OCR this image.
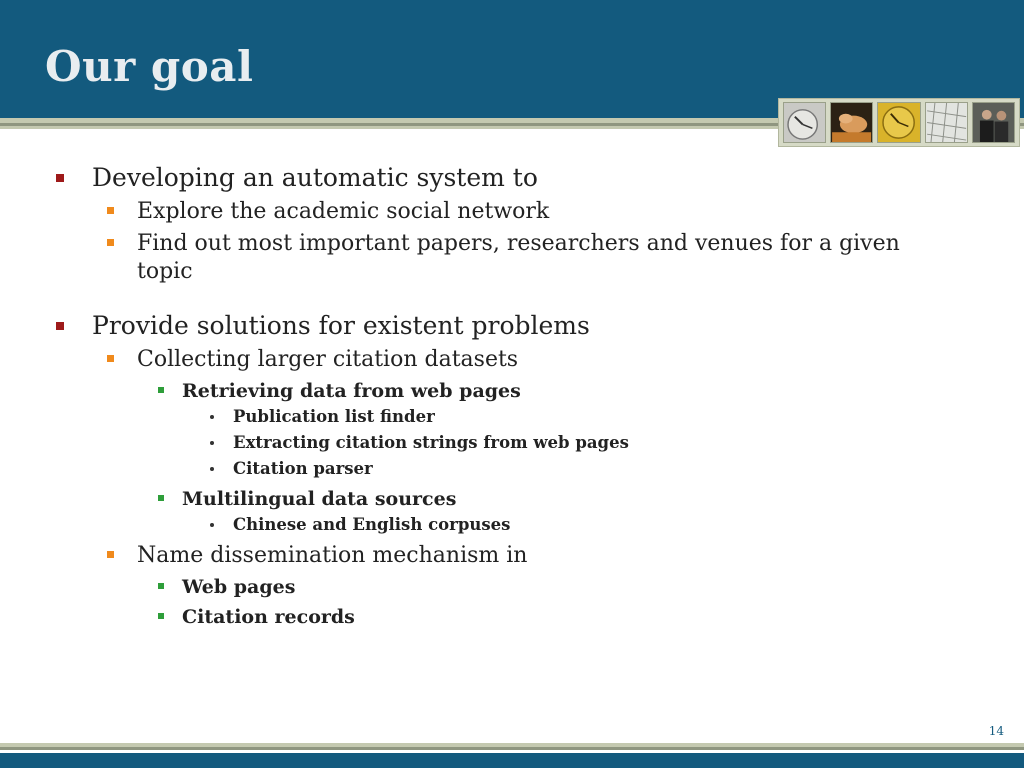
Our goal
Developing an automatic system to
Explore the academic social network
Find out most important papers, researchers and venues for a given topic
Provide solutions for existent problems
Collecting larger citation datasets
Retrieving data from web pages
Publication list finder
Extracting citation strings from web pages
Citation parser
Multilingual data sources
Chinese and English corpuses
Name dissemination mechanism in
Web pages
Citation records
14
